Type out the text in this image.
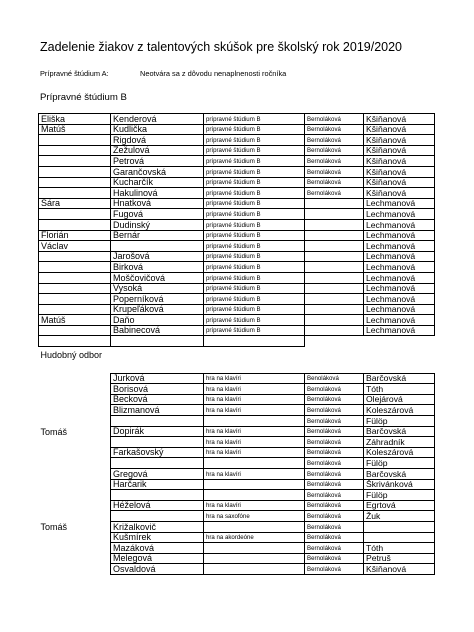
Zadelenie žiakov z talentových skúšok pre školský rok 2019/2020
Prípravné štúdium A:	Neotvára sa z dôvodu nenaplnenosti ročníka
Prípravné štúdium B
Eliška	Kenderová	prípravné štúdium B	Bernoláková	Kšiňanová
Matúš	Kudlička	prípravné štúdium B	Bernoláková	Kšiňanová
	Rigdová	prípravné štúdium B	Bernoláková	Kšiňanová
	Žežulová	prípravné štúdium B	Bernoláková	Kšiňanová
	Petrová	prípravné štúdium B	Bernoláková	Kšiňanová
	Garančovská	prípravné štúdium B	Bernoláková	Kšiňanová
	Kucharčík	prípravné štúdium B	Bernoláková	Kšiňanová
	Hakulinová	prípravné štúdium B	Bernoláková	Kšiňanová
Sára	Hnatková	prípravné štúdium B		Lechmanová
	Fugová	prípravné štúdium B		Lechmanová
	Dudinský	prípravné štúdium B		Lechmanová
Florián	Bernár	prípravné štúdium B		Lechmanová
Václav		prípravné štúdium B		Lechmanová
	Jarošová	prípravné štúdium B		Lechmanová
	Birková	prípravné štúdium B		Lechmanová
	Moščovičová	prípravné štúdium B		Lechmanová
	Vysoká	prípravné štúdium B		Lechmanová
	Poperníková	prípravné štúdium B		Lechmanová
	Krupeľáková	prípravné štúdium B		Lechmanová
Matúš	Daňo	prípravné štúdium B		Lechmanová
	Babinecová	prípravné štúdium B		Lechmanová

Hudobný odbor				

	Jurková	hra na klavíri	Benoláková	Barčovská
	Borisová	hra na klavíri	Bernoláková	Tóth
	Becková	hra na klavíri	Bernoláková	Olejárová
	Blizmanová	hra na klavíri	Bernoláková	Koleszárová
			Bernoláková	Fülöp
Tomáš	Dopirák	hra na klavíri	Bernoláková	Barčovská
		hra na klavíri	Bernoláková	Záhradník
	Farkašovský	hra na klavíri	Bernoláková	Koleszárová
			Bernoláková	Fülöp
	Gregová	hra na klavíri	Bernoláková	Barčovská
	Harčarik		Bernoláková	Škrivánková
			Bernoláková	Fülöp
	Héželová	hra na klavíri	Bernoláková	Egrtová
		hra na saxofóne	Bernoláková	Žuk
Tomáš	Križalkovič		Bernoláková	
	Kušmírek	hra na akordeóne	Bernoláková	
	Mazáková		Bernoláková	Tóth
	Melegová		Bernoláková	Petruš
	Osvaldová		Bernoláková	Kšiňanová
